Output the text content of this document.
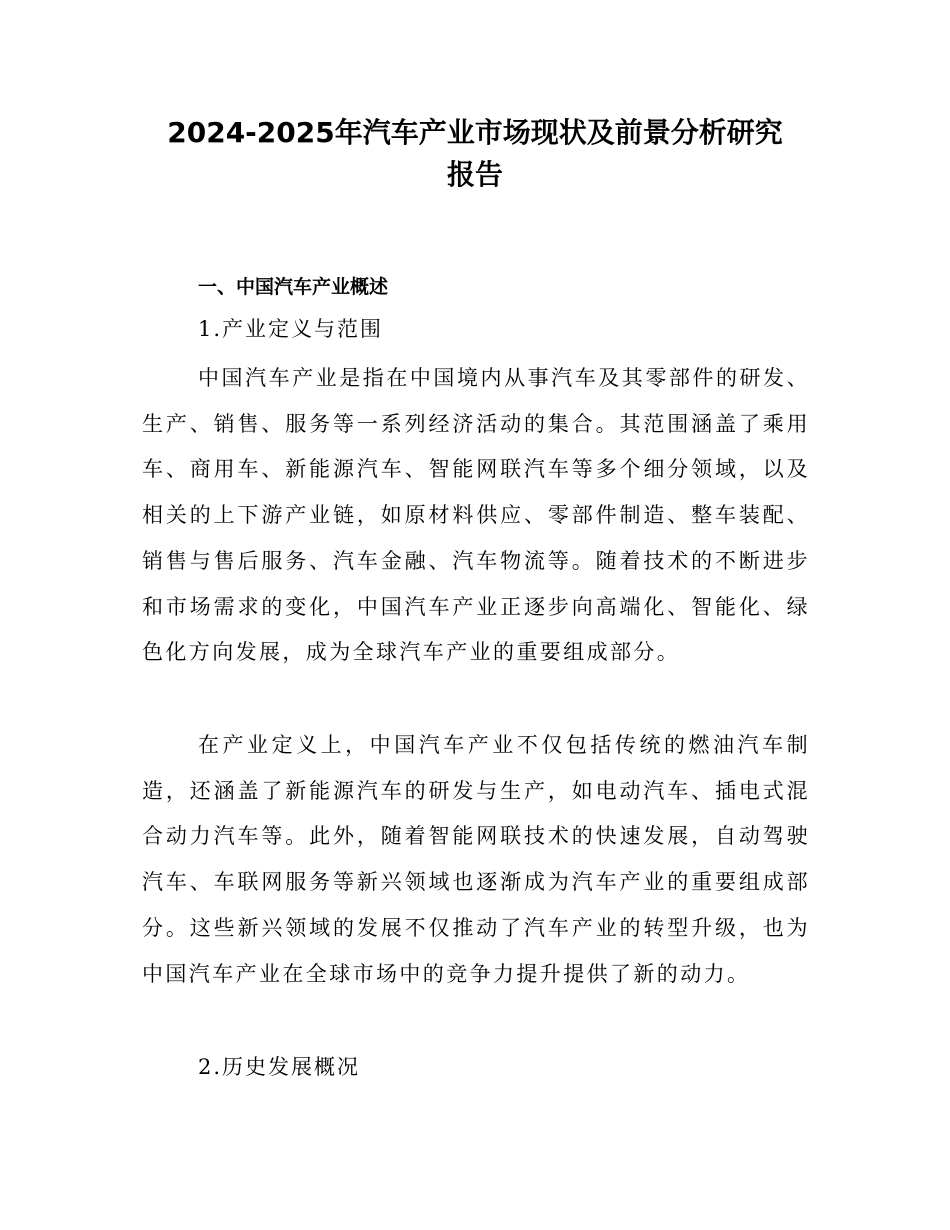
2024-2025年汽车产业市场现状及前景分析研究
报告
一、中国汽车产业概述
1.产业定义与范围

中国汽车产业是指在中国境内从事汽车及其零部件的研发、生产、销售、服务等一系列经济活动的集合。其范围涵盖了乘用车、商用车、新能源汽车、智能网联汽车等多个细分领域，以及相关的上下游产业链，如原材料供应、零部件制造、整车装配、销售与售后服务、汽车金融、汽车物流等。随着技术的不断进步和市场需求的变化，中国汽车产业正逐步向高端化、智能化、绿色化方向发展，成为全球汽车产业的重要组成部分。

在产业定义上，中国汽车产业不仅包括传统的燃油汽车制造，还涵盖了新能源汽车的研发与生产，如电动汽车、插电式混合动力汽车等。此外，随着智能网联技术的快速发展，自动驾驶汽车、车联网服务等新兴领域也逐渐成为汽车产业的重要组成部分。这些新兴领域的发展不仅推动了汽车产业的转型升级，也为中国汽车产业在全球市场中的竞争力提升提供了新的动力。

2.历史发展概况
